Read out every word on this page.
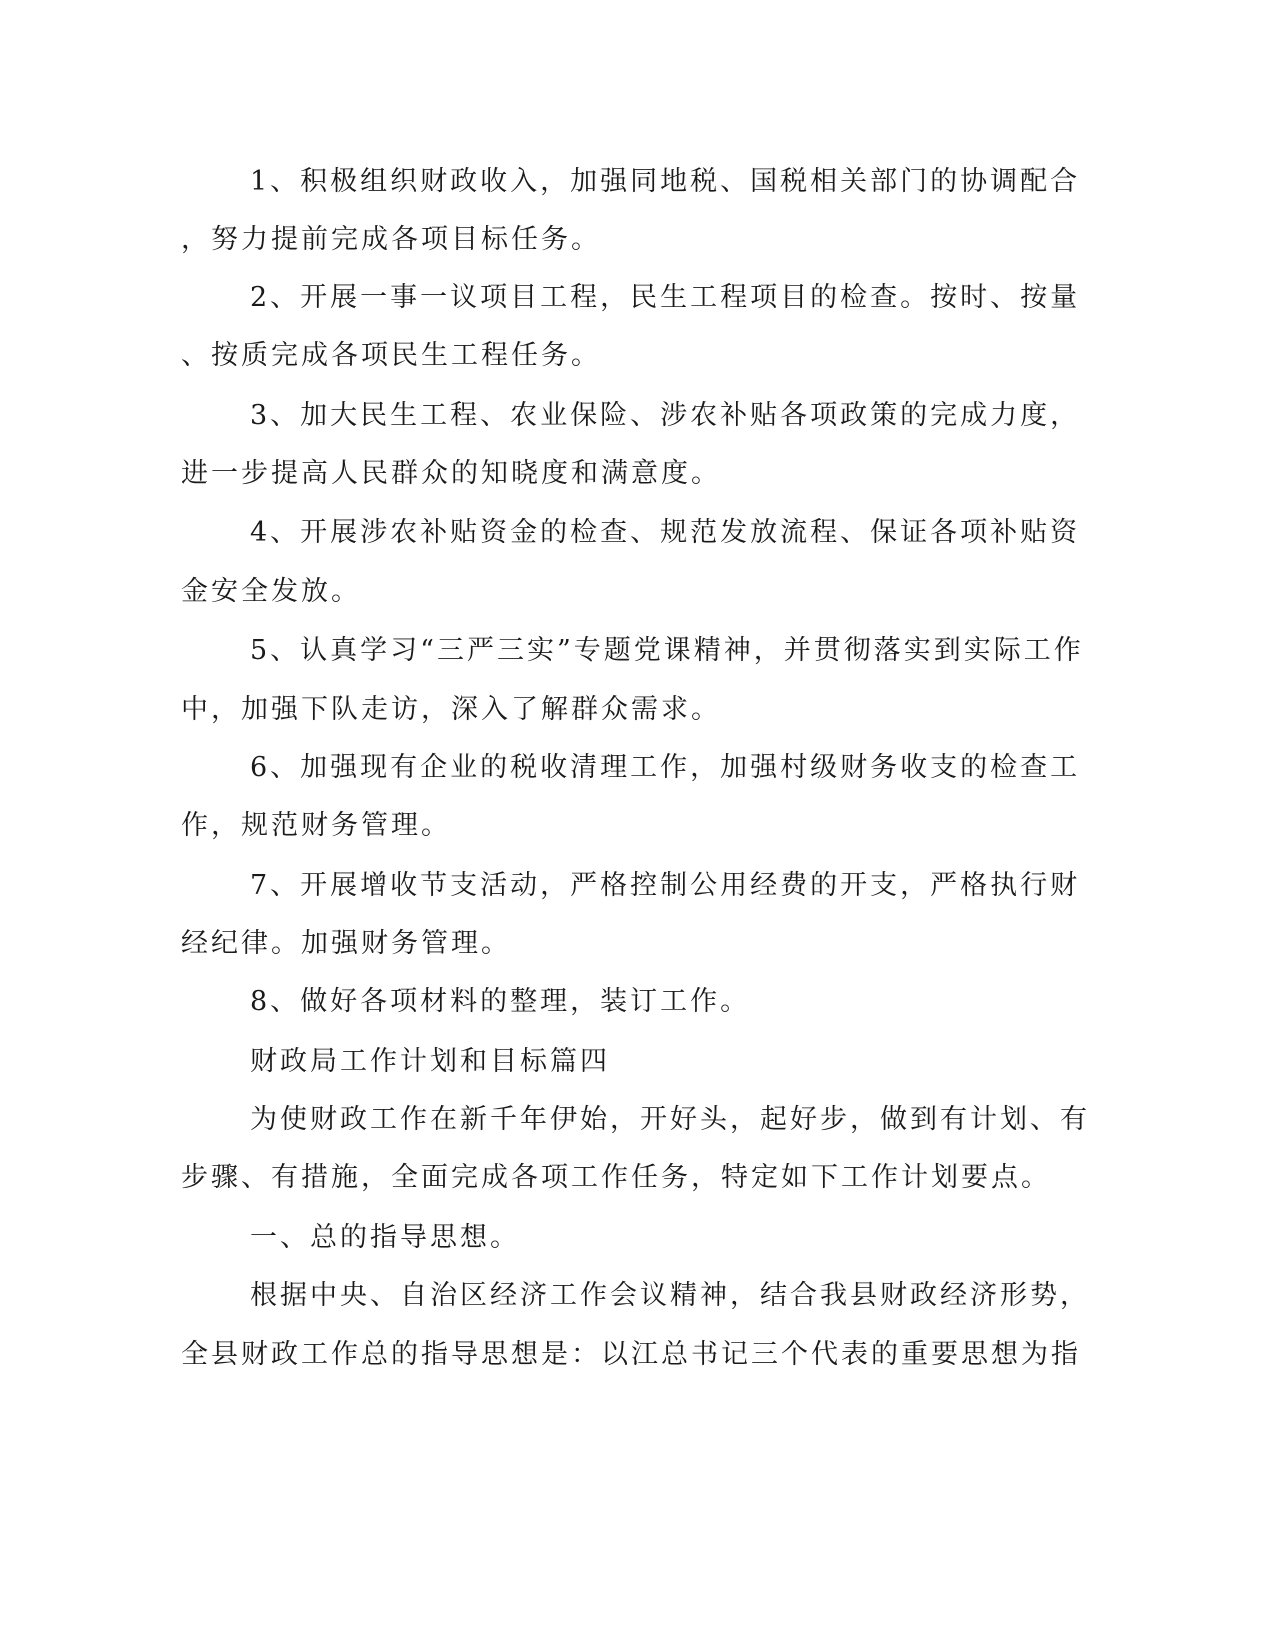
1、积极组织财政收入，加强同地税、国税相关部门的协调配合
，努力提前完成各项目标任务。
2、开展一事一议项目工程，民生工程项目的检查。按时、按量
、按质完成各项民生工程任务。
3、加大民生工程、农业保险、涉农补贴各项政策的完成力度，
进一步提高人民群众的知晓度和满意度。
4、开展涉农补贴资金的检查、规范发放流程、保证各项补贴资
金安全发放。
5、认真学习“三严三实”专题党课精神，并贯彻落实到实际工作
中，加强下队走访，深入了解群众需求。
6、加强现有企业的税收清理工作，加强村级财务收支的检查工
作，规范财务管理。
7、开展增收节支活动，严格控制公用经费的开支，严格执行财
经纪律。加强财务管理。
8、做好各项材料的整理，装订工作。
财政局工作计划和目标篇四
为使财政工作在新千年伊始，开好头，起好步，做到有计划、有
步骤、有措施，全面完成各项工作任务，特定如下工作计划要点。
一、总的指导思想。
根据中央、自治区经济工作会议精神，结合我县财政经济形势，
全县财政工作总的指导思想是：以江总书记三个代表的重要思想为指
